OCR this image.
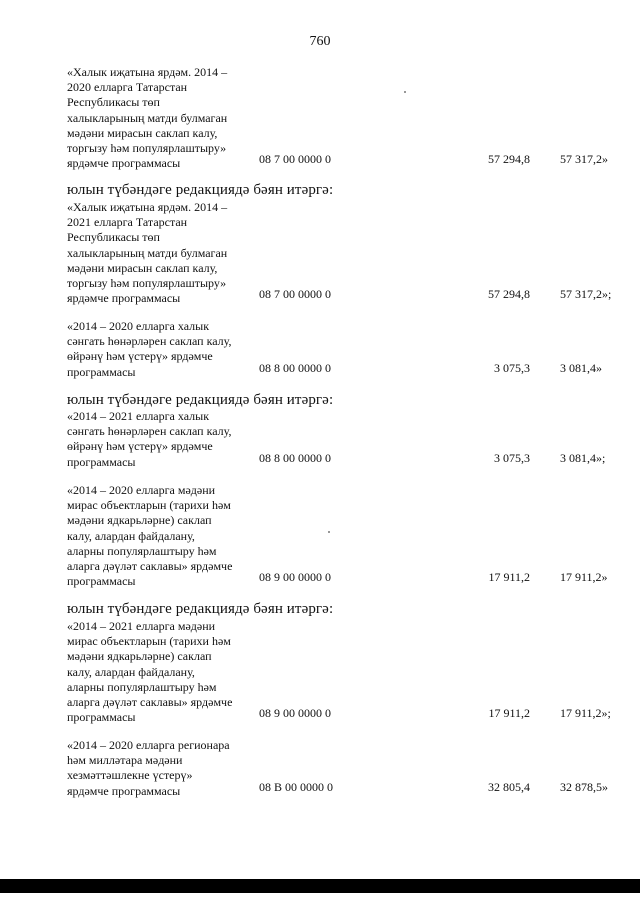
760
«Халык иҗатына ярдәм. 2014 –
2020 елларга Татарстан
Республикасы төп
халыкларының матди булмаган
мәдәни мирасын саклап калу,
торгызу һәм популярлаштыру»
ярдәмче программасы	08 7 00 0000 0	57 294,8	57 317,2»
юлын түбәндәге редакциядә бәян итәргә:
«Халык иҗатына ярдәм. 2014 –
2021 елларга Татарстан
Республикасы төп
халыкларының матди булмаган
мәдәни мирасын саклап калу,
торгызу һәм популярлаштыру»
ярдәмче программасы	08 7 00 0000 0	57 294,8	57 317,2»;
«2014 – 2020 елларга халык
сәнгать һөнәрләрен саклап калу,
өйрәнү һәм үстерү» ярдәмче
программасы	08 8 00 0000 0	3 075,3	3 081,4»
юлын түбәндәге редакциядә бәян итәргә:
«2014 – 2021 елларга халык
сәнгать һөнәрләрен саклап калу,
өйрәнү һәм үстерү» ярдәмче
программасы	08 8 00 0000 0	3 075,3	3 081,4»;
«2014 – 2020 елларга мәдәни
мирас объектларын (тарихи һәм
мәдәни ядкарьләрне) саклап
калу, алардан файдалану,
аларны популярлаштыру һәм
аларга дәүләт саклавы» ярдәмче
программасы	08 9 00 0000 0	17 911,2	17 911,2»
юлын түбәндәге редакциядә бәян итәргә:
«2014 – 2021 елларга мәдәни
мирас объектларын (тарихи һәм
мәдәни ядкарьләрне) саклап
калу, алардан файдалану,
аларны популярлаштыру һәм
аларга дәүләт саклавы» ярдәмче
программасы	08 9 00 0000 0	17 911,2	17 911,2»;
«2014 – 2020 елларга регионара
һәм милләтара мәдәни
хезмәттәшлекне үстерү»
ярдәмче программасы	08 В 00 0000 0	32 805,4	32 878,5»
